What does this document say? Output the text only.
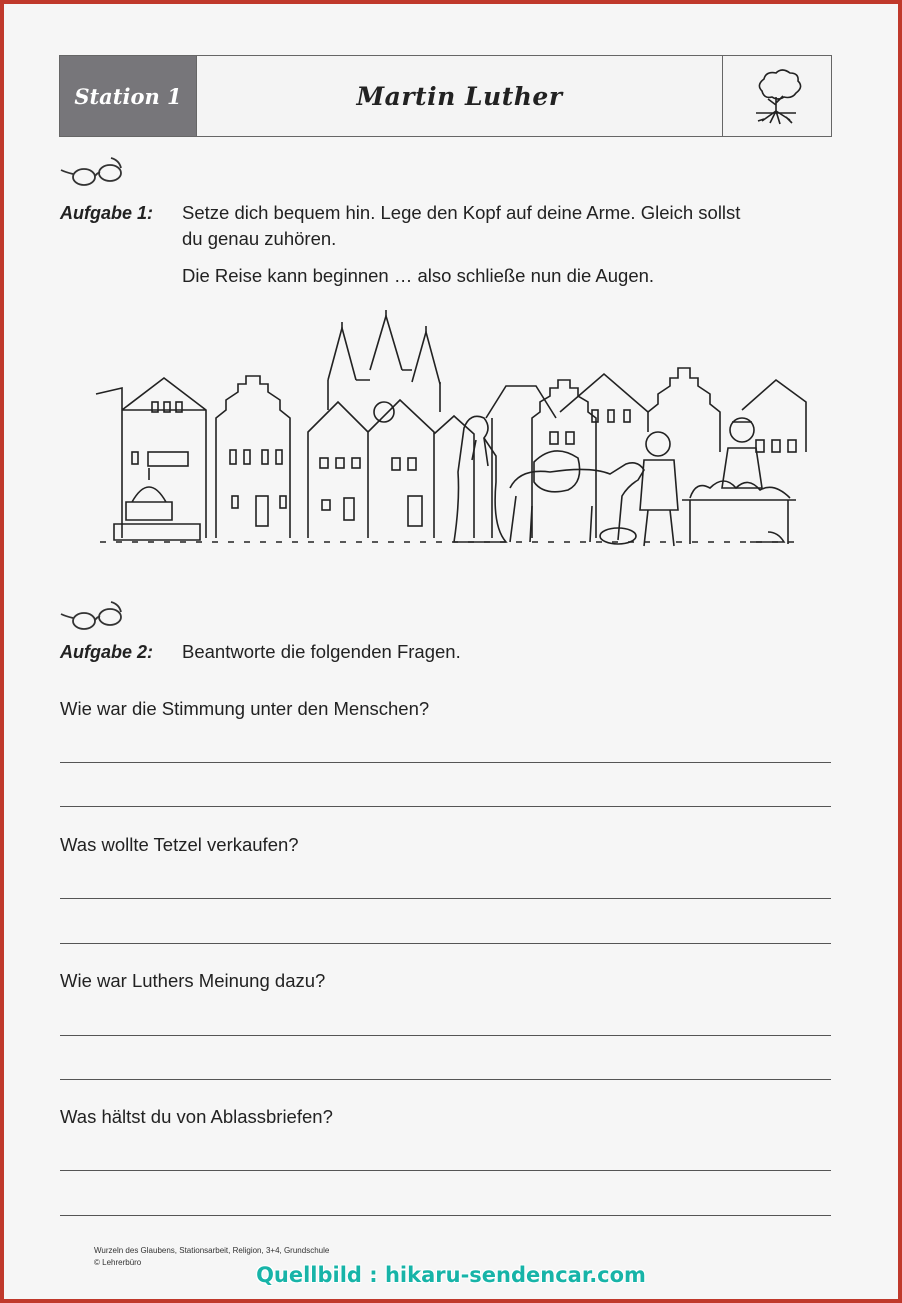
Station 1	Martin Luther
Aufgabe 1: Setze dich bequem hin. Lege den Kopf auf deine Arme. Gleich sollst
du genau zuhören.
Die Reise kann beginnen … also schließe nun die Augen.
Aufgabe 2: Beantworte die folgenden Fragen.
Wie war die Stimmung unter den Menschen?
Was wollte Tetzel verkaufen?
Wie war Luthers Meinung dazu?
Was hältst du von Ablassbriefen?
Wurzeln des Glaubens, Stationsarbeit, Religion, 3+4, Grundschule
© Lehrerbüro
Quellbild : hikaru-sendencar.com
